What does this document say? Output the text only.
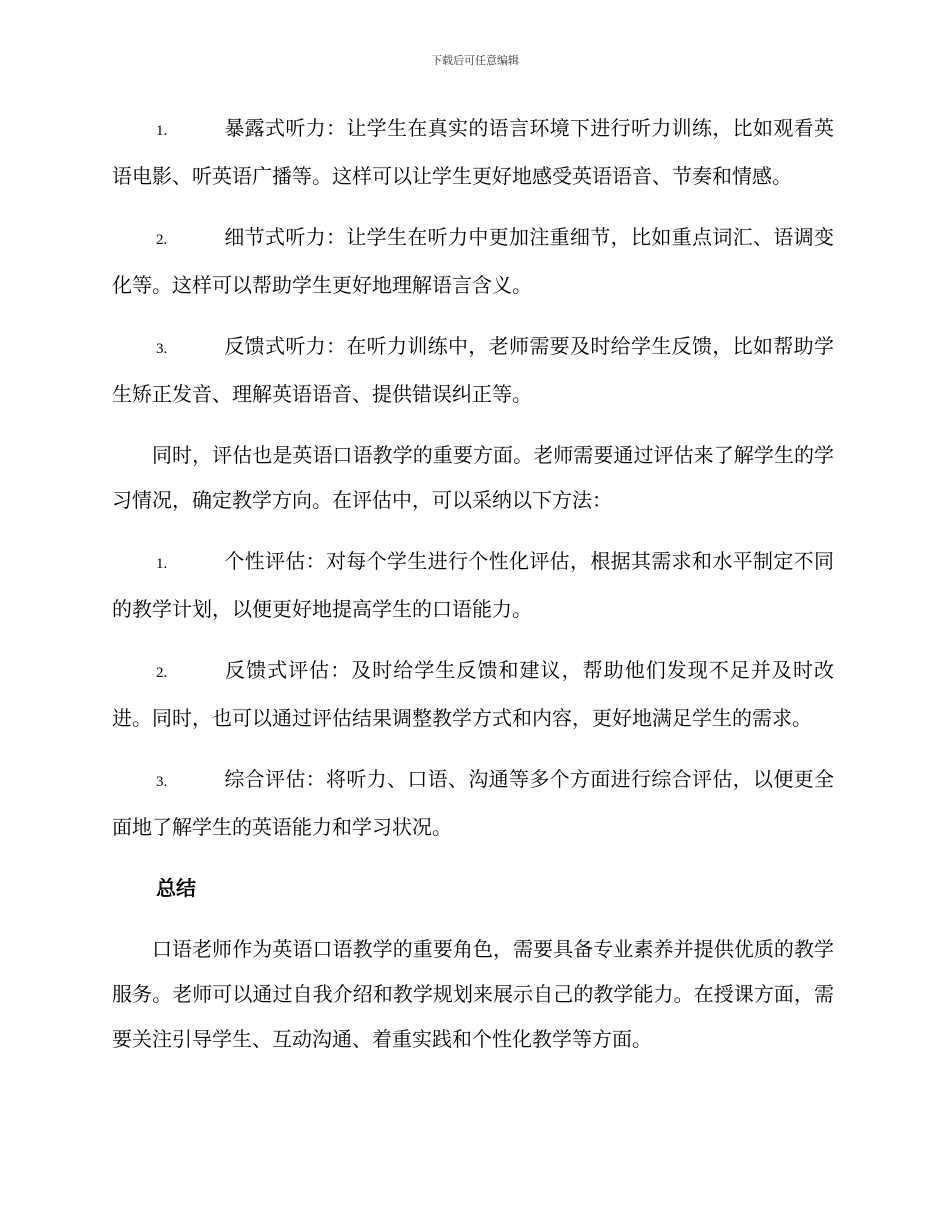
下载后可任意编辑

1.	暴露式听力：让学生在真实的语言环境下进行听力训练，比如观看英语电影、听英语广播等。这样可以让学生更好地感受英语语音、节奏和情感。

2.	细节式听力：让学生在听力中更加注重细节，比如重点词汇、语调变化等。这样可以帮助学生更好地理解语言含义。

3.	反馈式听力：在听力训练中，老师需要及时给学生反馈，比如帮助学生矫正发音、理解英语语音、提供错误纠正等。

同时，评估也是英语口语教学的重要方面。老师需要通过评估来了解学生的学习情况，确定教学方向。在评估中，可以采纳以下方法：

1.	个性评估：对每个学生进行个性化评估，根据其需求和水平制定不同的教学计划，以便更好地提高学生的口语能力。

2.	反馈式评估：及时给学生反馈和建议，帮助他们发现不足并及时改进。同时，也可以通过评估结果调整教学方式和内容，更好地满足学生的需求。

3.	综合评估：将听力、口语、沟通等多个方面进行综合评估，以便更全面地了解学生的英语能力和学习状况。

总结

口语老师作为英语口语教学的重要角色，需要具备专业素养并提供优质的教学服务。老师可以通过自我介绍和教学规划来展示自己的教学能力。在授课方面，需要关注引导学生、互动沟通、着重实践和个性化教学等方面。
